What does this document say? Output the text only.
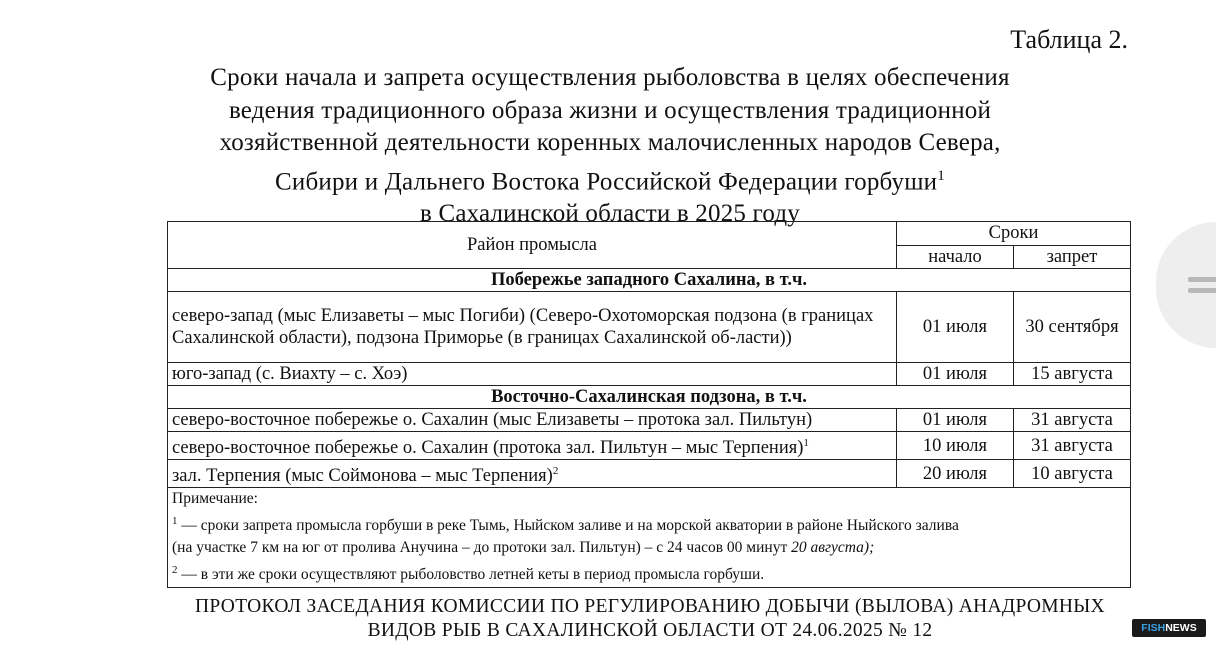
Таблица 2.
Сроки начала и запрета осуществления рыболовства в целях обеспечения
ведения традиционного образа жизни и осуществления традиционной
хозяйственной деятельности коренных малочисленных народов Севера,
Сибири и Дальнего Востока Российской Федерации горбуши$^1$
в Сахалинской области в 2025 году
Район промысла	Сроки	
	начало	запрет
Побережье западного Сахалина, в т.ч.		
северо-запад (мыс Елизаветы – мыс Погиби) (Северо-Охотоморская подзона (в границах Сахалинской области), подзона Приморье (в границах Сахалинской об-ласти))	01 июля	30 сентября
юго-запад (с. Виахту – с. Хоэ)	01 июля	15 августа
Восточно-Сахалинская подзона, в т.ч.		
северо-восточное побережье о. Сахалин (мыс Елизаветы – протока зал. Пильтун)	01 июля	31 августа
северо-восточное побережье о. Сахалин (протока зал. Пильтун – мыс Терпения)$^1$	10 июля	31 августа
зал. Терпения (мыс Соймонова – мыс Терпения)$^2$	20 июля	10 августа

Примечание:
$^1$ — сроки запрета промысла горбуши в реке Тымь, Ныйском заливе и на морской акватории в районе Ныйского залива
(на участке 7 км на юг от пролива Анучина – до протоки зал. Пильтун) – с 24 часов 00 минут 20 августа);
$^2$ — в эти же сроки осуществляют рыболовство летней кеты в период промысла горбуши.		
ПРОТОКОЛ ЗАСЕДАНИЯ КОМИССИИ ПО РЕГУЛИРОВАНИЮ ДОБЫЧИ (ВЫЛОВА) АНАДРОМНЫХ
ВИДОВ РЫБ В САХАЛИНСКОЙ ОБЛАСТИ ОТ 24.06.2025 № 12	FISHNEWS
